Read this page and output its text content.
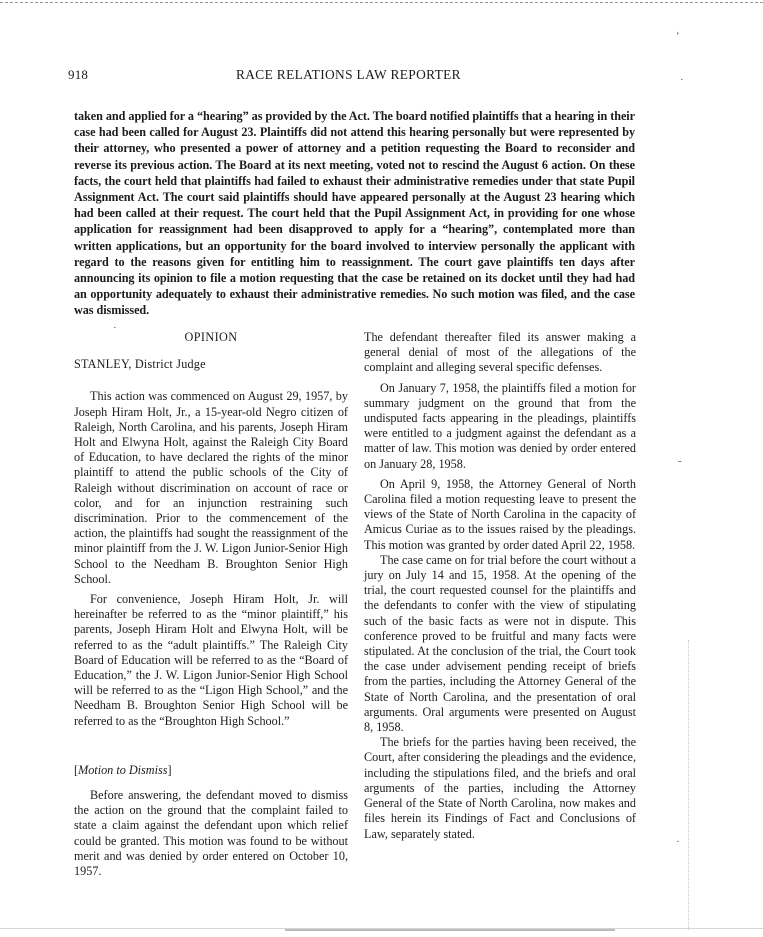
918	RACE RELATIONS LAW REPORTER

taken and applied for a “hearing” as provided by the Act. The board notified plaintiffs that a hearing in their case had been called for August 23. Plaintiffs did not attend this hearing personally but were represented by their attorney, who presented a power of attorney and a petition requesting the Board to reconsider and reverse its previous action. The Board at its next meeting, voted not to rescind the August 6 action. On these facts, the court held that plaintiffs had failed to exhaust their administrative remedies under that state Pupil Assignment Act. The court said plaintiffs should have appeared personally at the August 23 hearing which had been called at their request. The court held that the Pupil Assignment Act, in providing for one whose application for reassignment had been disapproved to apply for a “hearing”, contemplated more than written applications, but an opportunity for the board involved to interview personally the applicant with regard to the reasons given for entitling him to reassignment. The court gave plaintiffs ten days after announcing its opinion to file a motion requesting that the case be retained on its docket until they had had an opportunity adequately to exhaust their administrative remedies. No such motion was filed, and the case was dismissed.

OPINION

STANLEY, District Judge

This action was commenced on August 29, 1957, by Joseph Hiram Holt, Jr., a 15-year-old Negro citizen of Raleigh, North Carolina, and his parents, Joseph Hiram Holt and Elwyna Holt, against the Raleigh City Board of Education, to have declared the rights of the minor plaintiff to attend the public schools of the City of Raleigh without discrimination on account of race or color, and for an injunction restraining such discrimination. Prior to the commencement of the action, the plaintiffs had sought the reassignment of the minor plaintiff from the J. W. Ligon Junior-Senior High School to the Needham B. Broughton Senior High School.

For convenience, Joseph Hiram Holt, Jr. will hereinafter be referred to as the “minor plaintiff,” his parents, Joseph Hiram Holt and Elwyna Holt, will be referred to as the “adult plaintiffs.” The Raleigh City Board of Education will be referred to as the “Board of Education,” the J. W. Ligon Junior-Senior High School will be referred to as the “Ligon High School,” and the Needham B. Broughton Senior High School will be referred to as the “Broughton High School.”

[Motion to Dismiss]

Before answering, the defendant moved to dismiss the action on the ground that the complaint failed to state a claim against the defendant upon which relief could be granted. This motion was found to be without merit and was denied by order entered on October 10, 1957.

The defendant thereafter filed its answer making a general denial of most of the allegations of the complaint and alleging several specific defenses.

On January 7, 1958, the plaintiffs filed a motion for summary judgment on the ground that from the undisputed facts appearing in the pleadings, plaintiffs were entitled to a judgment against the defendant as a matter of law. This motion was denied by order entered on January 28, 1958.

On April 9, 1958, the Attorney General of North Carolina filed a motion requesting leave to present the views of the State of North Carolina in the capacity of Amicus Curiae as to the issues raised by the pleadings. This motion was granted by order dated April 22, 1958.

The case came on for trial before the court without a jury on July 14 and 15, 1958. At the opening of the trial, the court requested counsel for the plaintiffs and the defendants to confer with the view of stipulating such of the basic facts as were not in dispute. This conference proved to be fruitful and many facts were stipulated. At the conclusion of the trial, the Court took the case under advisement pending receipt of briefs from the parties, including the Attorney General of the State of North Carolina, and the presentation of oral arguments. Oral arguments were presented on August 8, 1958.

The briefs for the parties having been received, the Court, after considering the pleadings and the evidence, including the stipulations filed, and the briefs and oral arguments of the parties, including the Attorney General of the State of North Carolina, now makes and files herein its Findings of Fact and Conclusions of Law, separately stated.

·
‘
·
-
·
